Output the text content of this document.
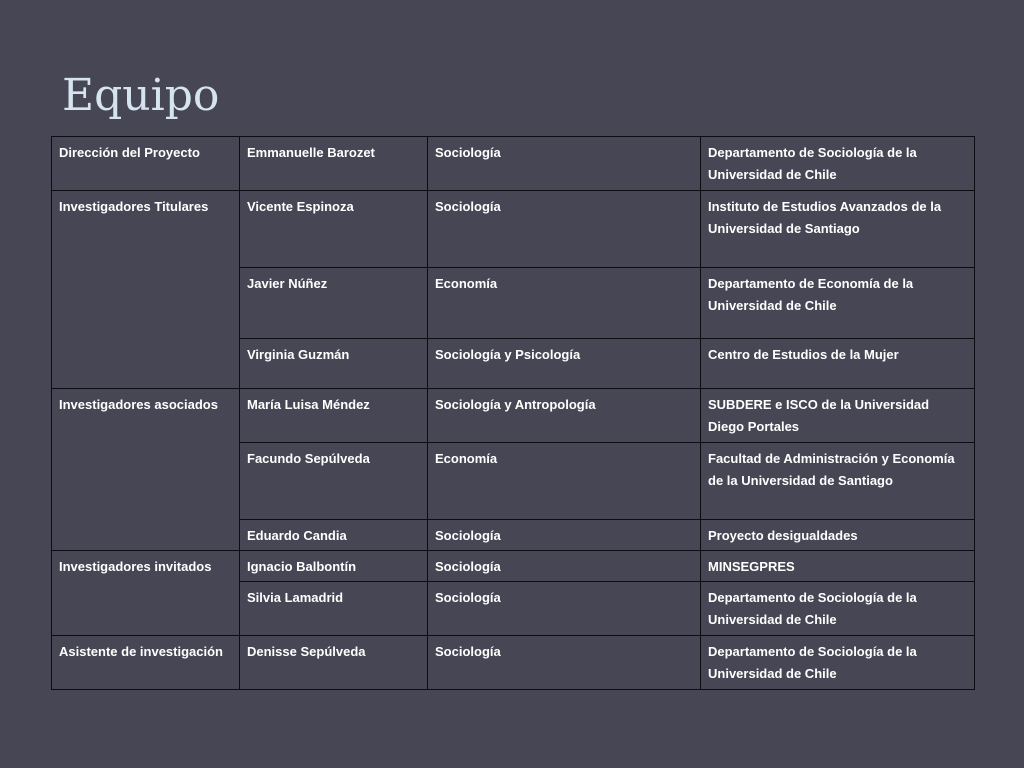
Equipo
Dirección del Proyecto	Emmanuelle Barozet	Sociología	Departamento de Sociología de la Universidad de Chile
Investigadores Titulares	Vicente Espinoza	Sociología	Instituto de Estudios Avanzados de la Universidad de Santiago
	Javier Núñez	Economía	Departamento de Economía de la Universidad de Chile
	Virginia Guzmán	Sociología y Psicología	Centro de Estudios de la Mujer
Investigadores asociados	María Luisa Méndez	Sociología y Antropología	SUBDERE e ISCO de la Universidad Diego Portales
	Facundo Sepúlveda	Economía	Facultad de Administración y Economía de la Universidad de Santiago
	Eduardo Candia	Sociología	Proyecto desigualdades
Investigadores invitados	Ignacio Balbontín	Sociología	MINSEGPRES
	Silvia Lamadrid	Sociología	Departamento de Sociología de la Universidad de Chile
Asistente de investigación	Denisse Sepúlveda	Sociología	Departamento de Sociología de la Universidad de Chile
